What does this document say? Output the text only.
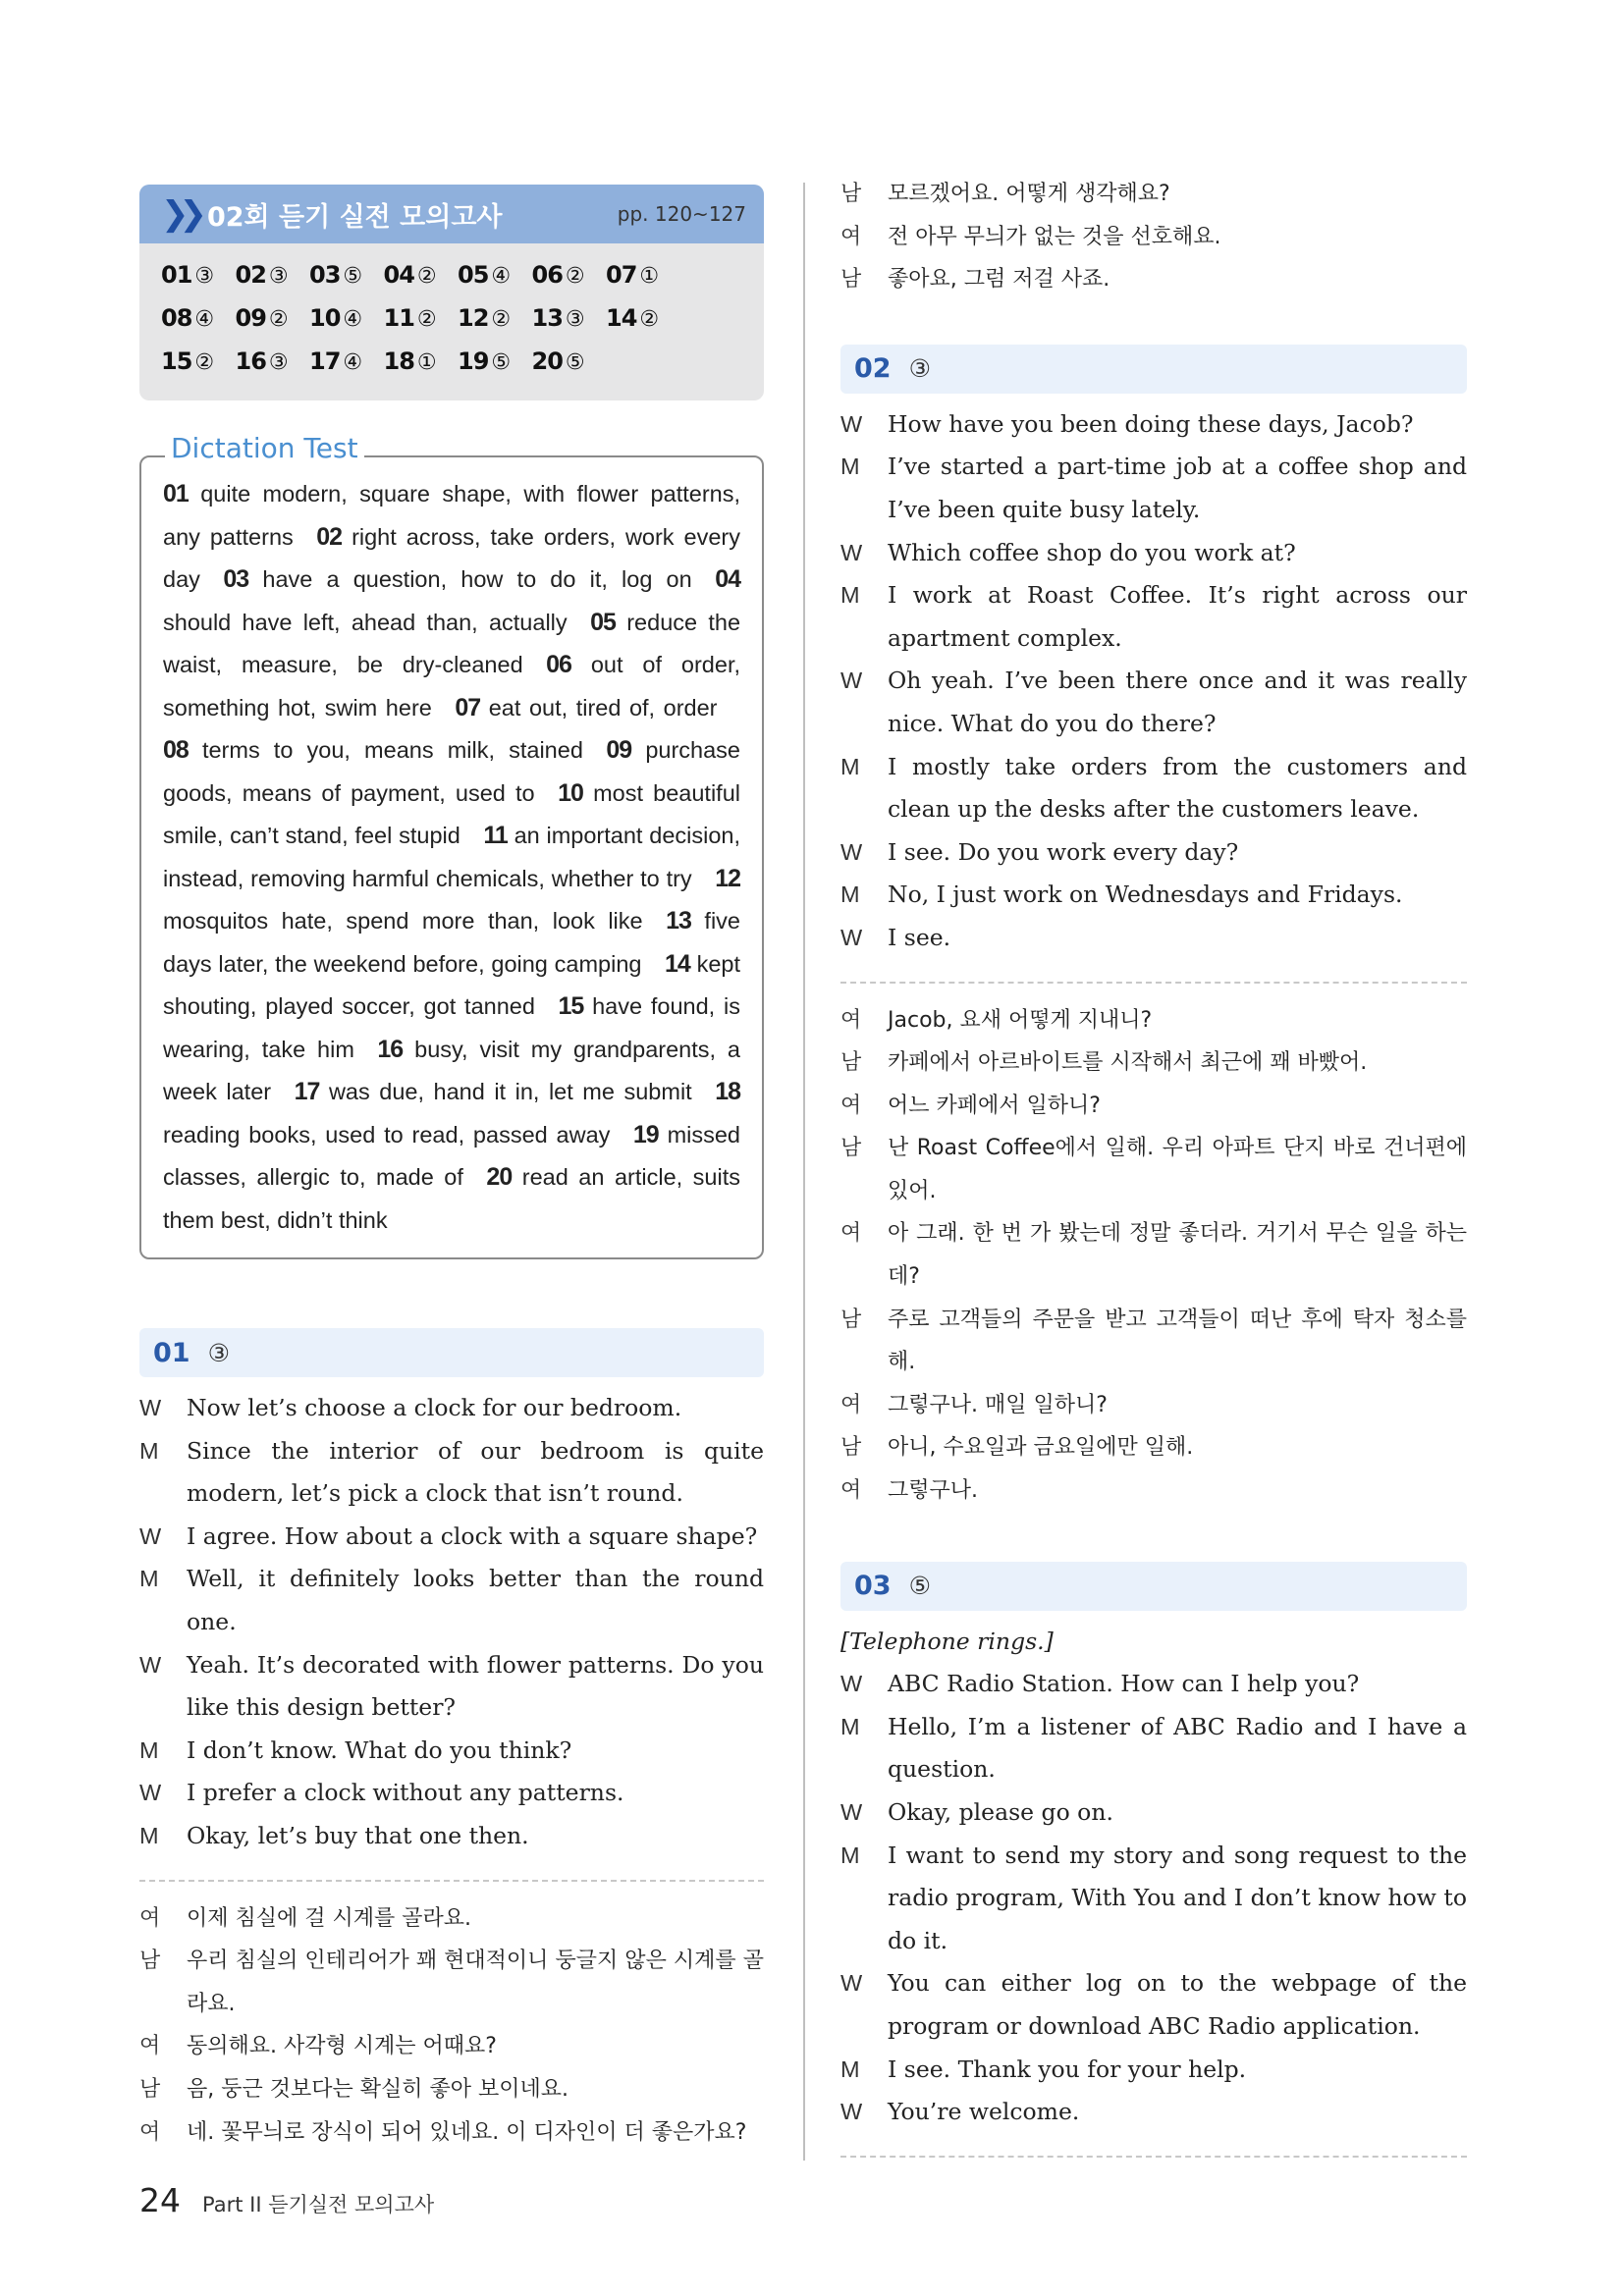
❯❯ 02회 듣기 실전 모의고사	pp. 120~127
01 ③ 02 ③ 03 ⑤ 04 ② 05 ④ 06 ② 07 ①
08 ④ 09 ② 10 ④ 11 ② 12 ② 13 ③ 14 ②
15 ② 16 ③ 17 ④ 18 ① 19 ⑤ 20 ⑤
Dictation Test
01 quite modern, square shape, with flower patterns, any patterns  02 right across, take orders, work every day  03 have a question, how to do it, log on  04 should have left, ahead than, actually  05 reduce the waist, measure, be dry-cleaned  06 out of order, something hot, swim here  07 eat out, tired of, order 08 terms to you, means milk, stained  09 purchase goods, means of payment, used to  10 most beautiful smile, can’t stand, feel stupid  11 an important decision, instead, removing harmful chemicals, whether to try  12 mosquitos hate, spend more than, look like  13 five days later, the weekend before, going camping  14 kept shouting, played soccer, got tanned  15 have found, is wearing, take him  16 busy, visit my grandparents, a week later  17 was due, hand it in, let me submit  18 reading books, used to read, passed away  19 missed classes, allergic to, made of  20 read an article, suits them best, didn’t think
01 ③
W	Now let’s choose a clock for our bedroom.
M	Since the interior of our bedroom is quite modern, let’s pick a clock that isn’t round.
W	I agree. How about a clock with a square shape?
M	Well, it definitely looks better than the round one.
W	Yeah. It’s decorated with flower patterns. Do you like this design better?
M	I don’t know. What do you think?
W	I prefer a clock without any patterns.
M	Okay, let’s buy that one then.
여	이제 침실에 걸 시계를 골라요.
남	우리 침실의 인테리어가 꽤 현대적이니 둥글지 않은 시계를 골라요.
여	동의해요. 사각형 시계는 어때요?
남	음, 둥근 것보다는 확실히 좋아 보이네요.
여	네. 꽃무늬로 장식이 되어 있네요. 이 디자인이 더 좋은가요?
남	모르겠어요. 어떻게 생각해요?
여	전 아무 무늬가 없는 것을 선호해요.
남	좋아요, 그럼 저걸 사죠.
02 ③
W	How have you been doing these days, Jacob?
M	I’ve started a part-time job at a coffee shop and I’ve been quite busy lately.
W	Which coffee shop do you work at?
M	I work at Roast Coffee. It’s right across our apartment complex.
W	Oh yeah. I’ve been there once and it was really nice. What do you do there?
M	I mostly take orders from the customers and clean up the desks after the customers leave.
W	I see. Do you work every day?
M	No, I just work on Wednesdays and Fridays.
W	I see.
여	Jacob, 요새 어떻게 지내니?
남	카페에서 아르바이트를 시작해서 최근에 꽤 바빴어.
여	어느 카페에서 일하니?
남	난 Roast Coffee에서 일해. 우리 아파트 단지 바로 건너편에 있어.
여	아 그래. 한 번 가 봤는데 정말 좋더라. 거기서 무슨 일을 하는데?
남	주로 고객들의 주문을 받고 고객들이 떠난 후에 탁자 청소를 해.
여	그렇구나. 매일 일하니?
남	아니, 수요일과 금요일에만 일해.
여	그렇구나.
03 ⑤
[Telephone rings.]
W	ABC Radio Station. How can I help you?
M	Hello, I’m a listener of ABC Radio and I have a question.
W	Okay, please go on.
M	I want to send my story and song request to the radio program, With You and I don’t know how to do it.
W	You can either log on to the webpage of the program or download ABC Radio application.
M	I see. Thank you for your help.
W	You’re welcome.
24 Part II 듣기실전 모의고사
